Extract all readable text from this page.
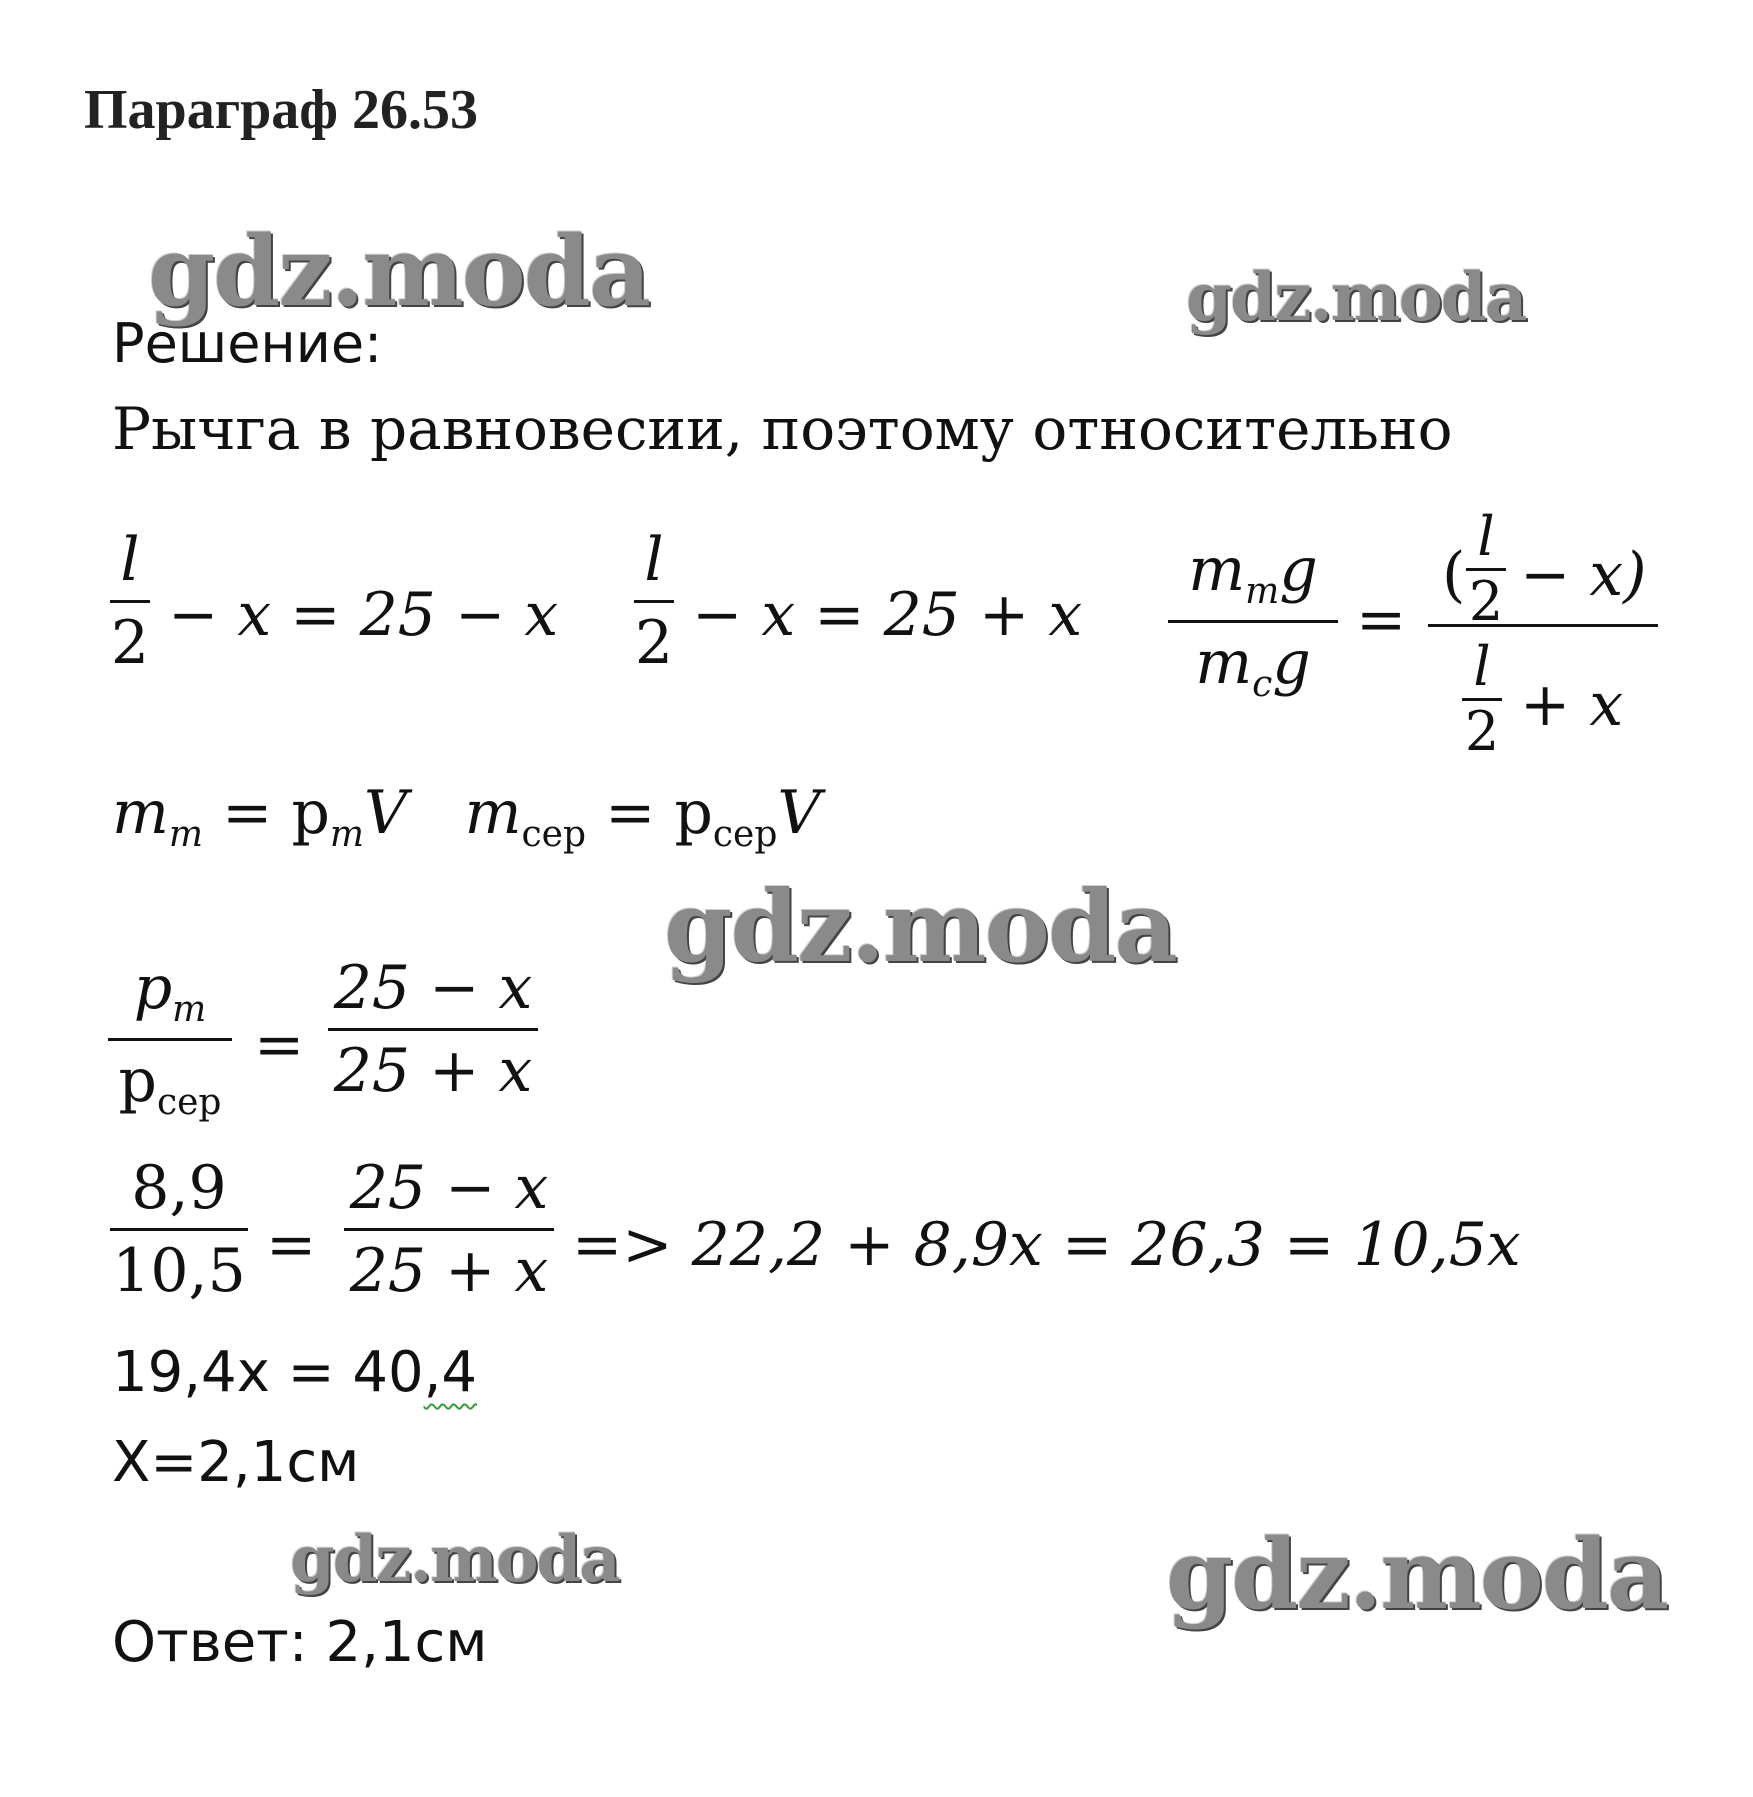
Параграф 26.53
gdz.moda	gdz.moda
gdz.moda
gdz.moda	gdz.moda
Решение:
Рычга в равновесии, поэтому относительно
l
2 − x = 25 − x
l
2 − x = 25 + x
$m_mg$
$m_cg$
=
(
l
2 − x)
l
2 + x
$m_m = p_mV$ $m_{сер} = р_{сер}V$
$p_m$
$р_{сер}$
=
25 − x
25 + x
8,9
10,5 =
25 − x
25 + x => 22,2 + 8,9x = 26,3 = 10,5x
19,4x = 40,4
X=2,1см
Ответ: 2,1см
